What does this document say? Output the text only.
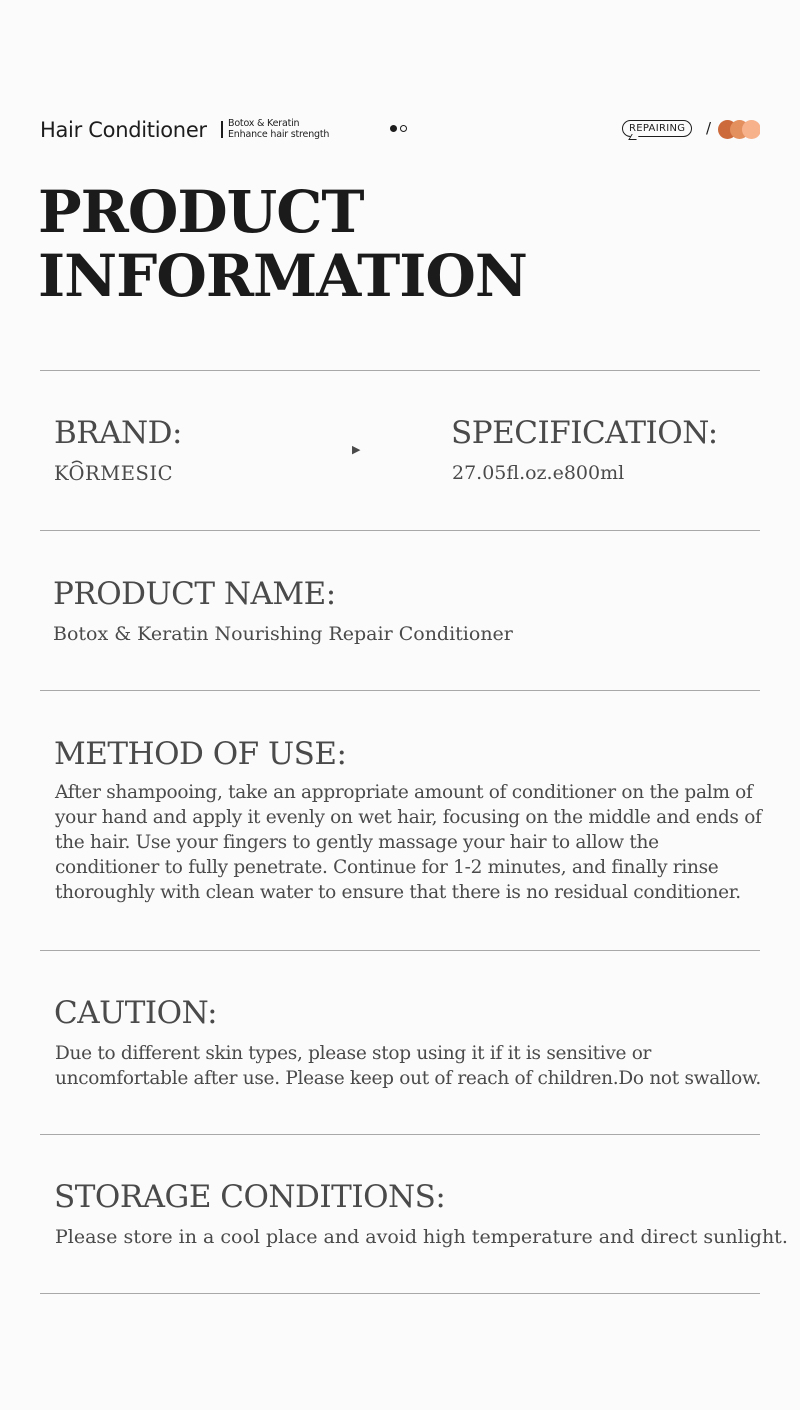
Hair Conditioner Botox & Keratin
Enhance hair strength
REPAIRING	/
PRODUCT
INFORMATION
BRAND:
KORMESIC
▶	SPECIFICATION:

27.05fl.oz.e800ml

PRODUCT NAME:

Botox & Keratin Nourishing Repair Conditioner

METHOD OF USE:

After shampooing, take an appropriate amount of conditioner on the palm of your hand and apply it evenly on wet hair, focusing on the middle and ends of the hair. Use your fingers to gently massage your hair to allow the conditioner to fully penetrate. Continue for 1-2 minutes, and finally rinse thoroughly with clean water to ensure that there is no residual conditioner.

CAUTION:

Due to different skin types, please stop using it if it is sensitive or uncomfortable after use. Please keep out of reach of children.Do not swallow.

STORAGE CONDITIONS:

Please store in a cool place and avoid high temperature and direct sunlight.
